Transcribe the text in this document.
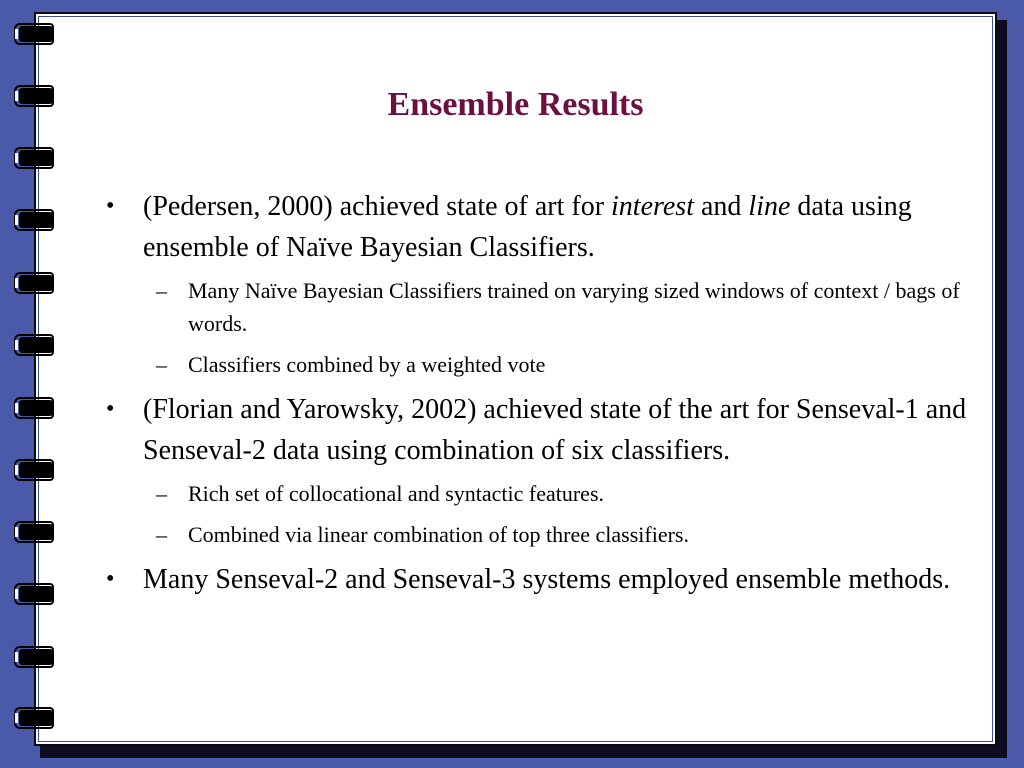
Ensemble Results
• (Pedersen, 2000) achieved state of art for interest and line data using ensemble of Naïve Bayesian Classifiers.
– Many Naïve Bayesian Classifiers trained on varying sized windows of context / bags of words.
– Classifiers combined by a weighted vote
• (Florian and Yarowsky, 2002) achieved state of the art for Senseval-1 and Senseval-2 data using combination of six classifiers.
– Rich set of collocational and syntactic features.
– Combined via linear combination of top three classifiers.
• Many Senseval-2 and Senseval-3 systems employed ensemble methods.
